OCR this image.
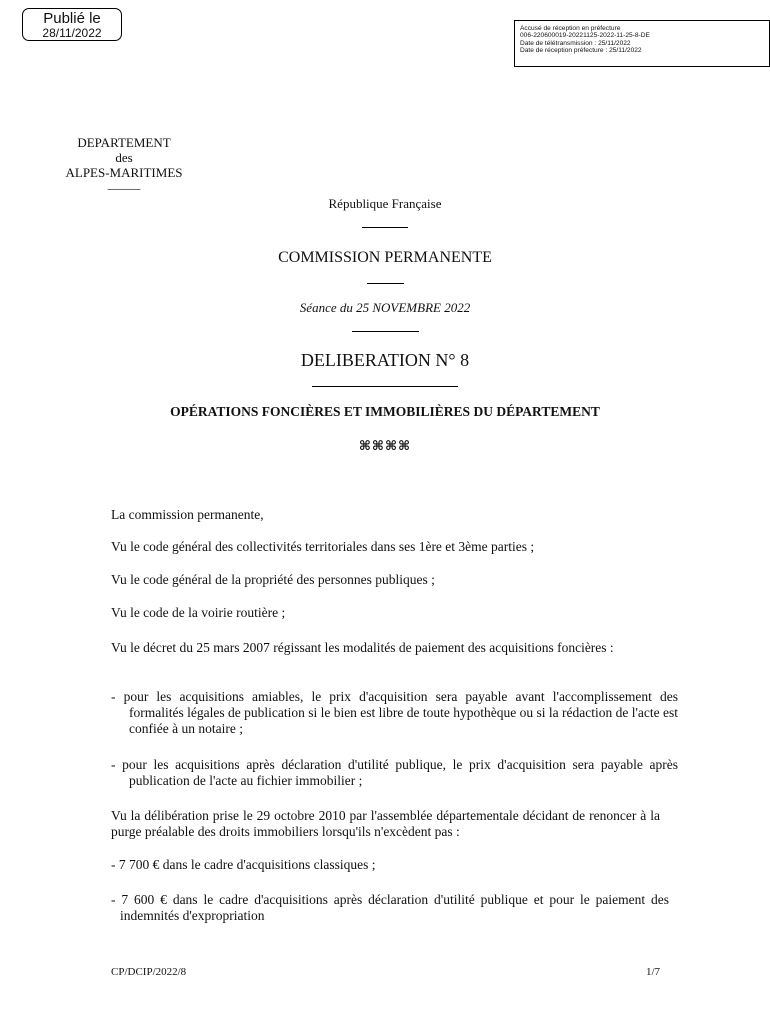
Publié le
28/11/2022	Accusé de réception en préfecture
006-220600019-20221125-2022-11-25-8-DE
Date de télétransmission : 25/11/2022
Date de réception préfecture : 25/11/2022
DEPARTEMENT
des
ALPES-MARITIMES
_____
République Française
COMMISSION PERMANENTE
Séance du 25 NOVEMBRE 2022
DELIBERATION N° 8
OPÉRATIONS FONCIÈRES ET IMMOBILIÈRES DU DÉPARTEMENT
⌘⌘⌘⌘
La commission permanente,
Vu le code général des collectivités territoriales dans ses 1ère et 3ème parties ;
Vu le code général de la propriété des personnes publiques ;
Vu le code de la voirie routière ;
Vu le décret du 25 mars 2007 régissant les modalités de paiement des acquisitions foncières :
- pour les acquisitions amiables, le prix d'acquisition sera payable avant l'accomplissement des formalités légales de publication si le bien est libre de toute hypothèque ou si la rédaction de l'acte est confiée à un notaire ;
- pour les acquisitions après déclaration d'utilité publique, le prix d'acquisition sera payable après publication de l'acte au fichier immobilier ;
Vu la délibération prise le 29 octobre 2010 par l'assemblée départementale décidant de renoncer à la purge préalable des droits immobiliers lorsqu'ils n'excèdent pas :
- 7 700 € dans le cadre d'acquisitions classiques ;
- 7 600 € dans le cadre d'acquisitions après déclaration d'utilité publique et pour le paiement des indemnités d'expropriation
CP/DCIP/2022/8	1/7
